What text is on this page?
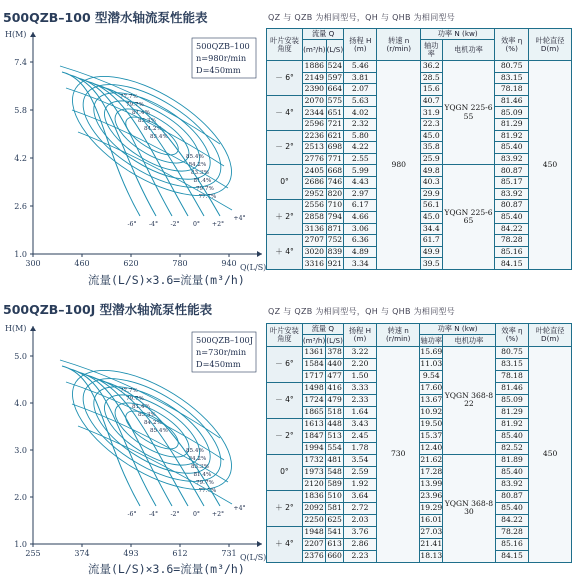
500QZB–100 型潜水轴流泵性能表	QZ 与 QZB 为相同型号，QH 与 QHB 为相同型号
H(M)
Q(L/S)
1.0
2.6
4.2
5.8
7.4
300	460	620	780	940
500QZB–100
n=980r/min
D=450mm
77.7%
79.7%
81.4%
83.3%
84.2%
85.4%
85.4%
84.2%
83.3%
81.4%
79.7%
77.7%
-6° -4° -2° 0° +2°
+4°
流量(L/S)×3.6=流量(m³/h)
叶片安装角度	流量 Q		扬程 H (m)	转速 n (r/min)	功率 N (kw)		效率 η (%)	叶轮直径 D(m)
	(m³/h)	(L/S)			轴功率	电机功率		
－ 6°	1886	524	5.46	980	36.2	YQGN 225-6 55	80.75	450
	2149	597	3.81		28.5		83.15	
	2390	664	2.07		15.6		78.18	
－ 4°	2070	575	5.63		40.7		81.46	
	2344	651	4.02		31.9		85.09	
	2596	721	2.32		22.3		81.29	
－ 2°	2236	621	5.80		45.0		81.92	
	2513	698	4.22		35.8		85.40	
	2776	771	2.55		25.9		83.92	
0°	2405	668	5.99		49.8	YQGN 225-6 65	80.87	
	2686	746	4.43		40.3		85.17	
	2952	820	2.97		29.9		83.92	
＋ 2°	2556	710	6.17		56.1		80.87	
	2858	794	4.66		45.0		85.40	
	3136	871	3.06		34.4		84.22	
＋ 4°	2707	752	6.36		61.7		78.28	
	3020	839	4.89		49.9		85.16	
	3316	921	3.34		39.5		84.15	
500QZB–100J 型潜水轴流泵性能表	QZ 与 QZB 为相同型号，QH 与 QHB 为相同型号
H(M)
Q(L/S)
1.0
2.0
3.0
4.0
5.0
255	374	493	612	731
500QZB–100J
n=730r/min
D=450mm
77.7%
79.7%
81.4%
83.3%
84.2%
85.4%
85.4%
84.2%
83.3%
81.4%
79.7%
77.7%
-6° -4° -2° 0° +2°
+4°
流量(L/S)×3.6=流量(m³/h)
叶片安装角度	流量 Q		扬程 H (m)	转速 n (r/min)	功率 N (kw)		效率 η (%)	叶轮直径 D(m)
	(m³/h)	(L/S)			轴功率	电机功率		
－ 6°	1361	378	3.22	730	15.69	YQGN 368-8 22	80.75	450
	1584	440	2.20		11.03		83.15	
	1717	477	1.50		9.54		78.18	
－ 4°	1498	416	3.33		17.60		81.46	
	1724	479	2.33		13.67		85.09	
	1865	518	1.64		10.92		81.29	
－ 2°	1613	448	3.43		19.50		81.92	
	1847	513	2.45		15.37		85.40	
	1994	554	1.78		12.40		82.52	
0°	1732	481	3.54		21.62	YQGN 368-8 30	81.89	
	1973	548	2.59		17.28		85.40	
	2120	589	1.92		13.99		83.92	
＋ 2°	1836	510	3.64		23.96		80.87	
	2092	581	2.72		19.29		85.40	
	2250	625	2.03		16.01		84.22	
＋ 4°	1948	541	3.76		27.03		78.28	
	2207	613	2.86		21.41		85.16	
	2376	660	2.23		18.13		84.15	
